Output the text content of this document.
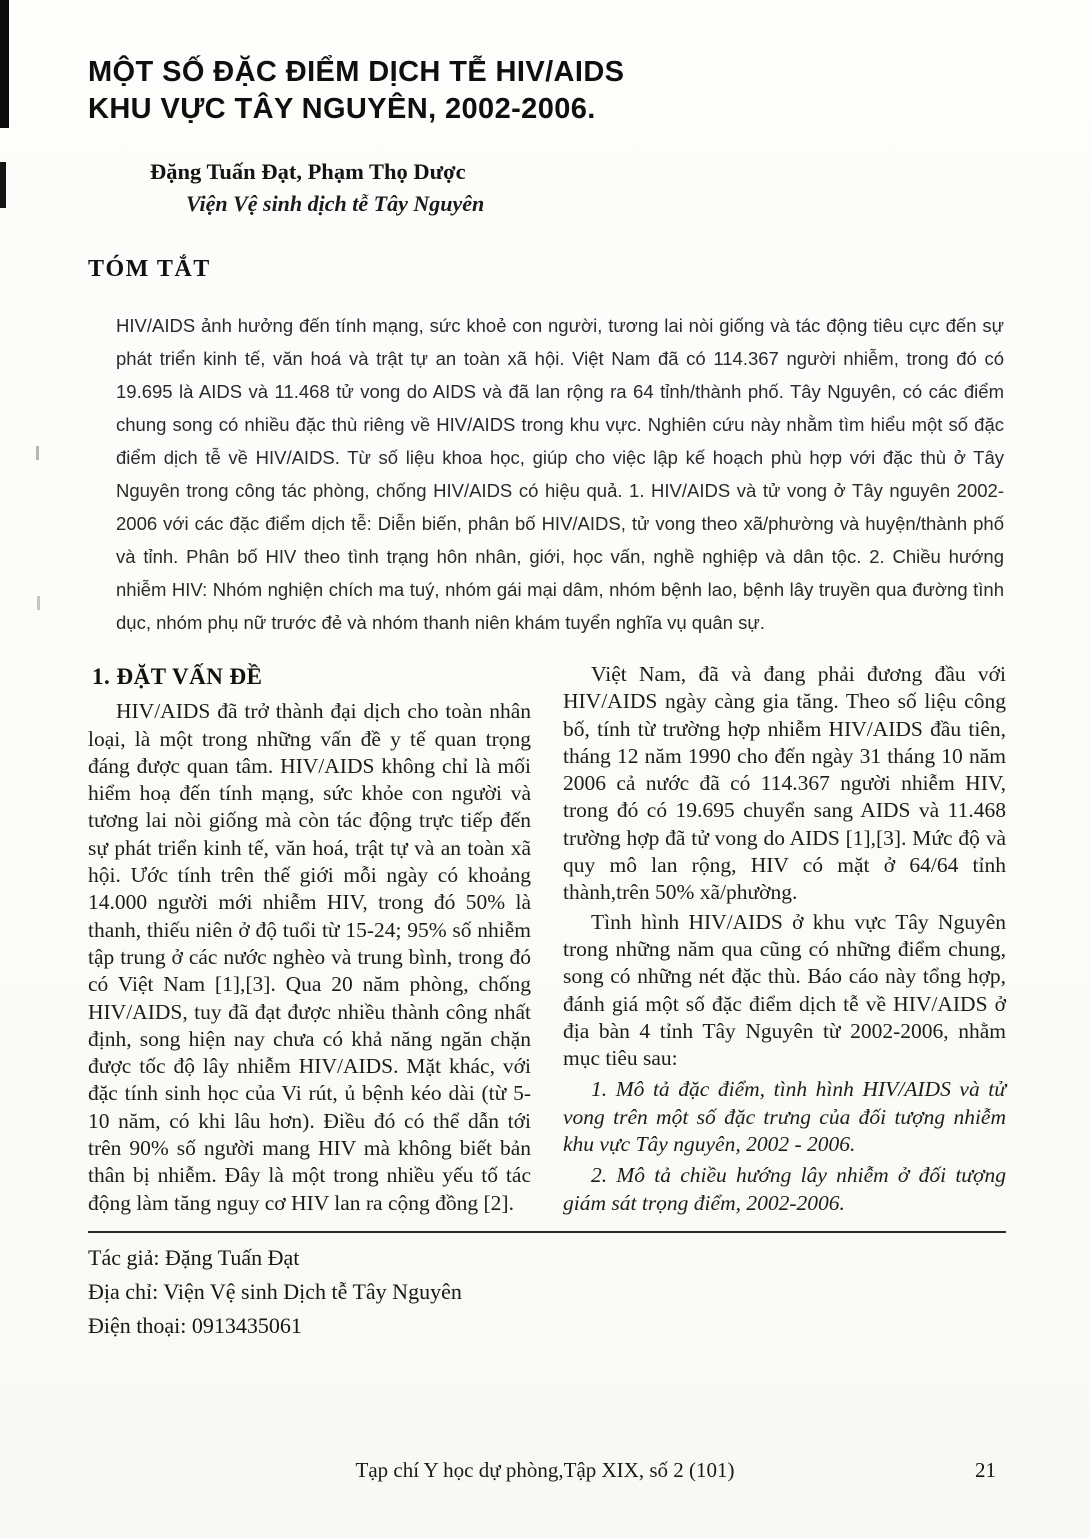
MỘT SỐ ĐẶC ĐIỂM DỊCH TỄ HIV/AIDS
KHU VỰC TÂY NGUYÊN, 2002-2006.
Đặng Tuấn Đạt, Phạm Thọ Dược
Viện Vệ sinh dịch tễ Tây Nguyên
TÓM TẮT

HIV/AIDS ảnh hưởng đến tính mạng, sức khoẻ con người, tương lai nòi giống và tác động tiêu cực đến sự phát triển kinh tế, văn hoá và trật tự an toàn xã hội. Việt Nam đã có 114.367 người nhiễm, trong đó có 19.695 là AIDS và 11.468 tử vong do AIDS và đã lan rộng ra 64 tỉnh/thành phố. Tây Nguyên, có các điểm chung song có nhiều đặc thù riêng về HIV/AIDS trong khu vực. Nghiên cứu này nhằm tìm hiểu một số đặc điểm dịch tễ về HIV/AIDS. Từ số liệu khoa học, giúp cho việc lập kế hoạch phù hợp với đặc thù ở Tây Nguyên trong công tác phòng, chống HIV/AIDS có hiệu quả. 1. HIV/AIDS và tử vong ở Tây nguyên 2002-2006 với các đặc điểm dịch tễ: Diễn biến, phân bố HIV/AIDS, tử vong theo xã/phường và huyện/thành phố và tỉnh. Phân bố HIV theo tình trạng hôn nhân, giới, học vấn, nghề nghiệp và dân tộc. 2. Chiều hướng nhiễm HIV: Nhóm nghiện chích ma tuý, nhóm gái mại dâm, nhóm bệnh lao, bệnh lây truyền qua đường tình dục, nhóm phụ nữ trước đẻ và nhóm thanh niên khám tuyển nghĩa vụ quân sự.

1. ĐẶT VẤN ĐỀ

HIV/AIDS đã trở thành đại dịch cho toàn nhân loại, là một trong những vấn đề y tế quan trọng đáng được quan tâm. HIV/AIDS không chỉ là mối hiểm hoạ đến tính mạng, sức khỏe con người và tương lai nòi giống mà còn tác động trực tiếp đến sự phát triển kinh tế, văn hoá, trật tự và an toàn xã hội. Ước tính trên thế giới mỗi ngày có khoảng 14.000 người mới nhiễm HIV, trong đó 50% là thanh, thiếu niên ở độ tuổi từ 15-24; 95% số nhiễm tập trung ở các nước nghèo và trung bình, trong đó có Việt Nam [1],[3]. Qua 20 năm phòng, chống HIV/AIDS, tuy đã đạt được nhiều thành công nhất định, song hiện nay chưa có khả năng ngăn chặn được tốc độ lây nhiễm HIV/AIDS. Mặt khác, với đặc tính sinh học của Vi rút, ủ bệnh kéo dài (từ 5-10 năm, có khi lâu hơn). Điều đó có thể dẫn tới trên 90% số người mang HIV mà không biết bản thân bị nhiễm. Đây là một trong nhiều yếu tố tác động làm tăng nguy cơ HIV lan ra cộng đồng [2].

Việt Nam, đã và đang phải đương đầu với HIV/AIDS ngày càng gia tăng. Theo số liệu công bố, tính từ trường hợp nhiễm HIV/AIDS đầu tiên, tháng 12 năm 1990 cho đến ngày 31 tháng 10 năm 2006 cả nước đã có 114.367 người nhiễm HIV, trong đó có 19.695 chuyển sang AIDS và 11.468 trường hợp đã tử vong do AIDS [1],[3]. Mức độ và quy mô lan rộng, HIV có mặt ở 64/64 tỉnh thành,trên 50% xã/phường.

Tình hình HIV/AIDS ở khu vực Tây Nguyên trong những năm qua cũng có những điểm chung, song có những nét đặc thù. Báo cáo này tổng hợp, đánh giá một số đặc điểm dịch tễ về HIV/AIDS ở địa bàn 4 tỉnh Tây Nguyên từ 2002-2006, nhằm mục tiêu sau:

1. Mô tả đặc điểm, tình hình HIV/AIDS và tử vong trên một số đặc trưng của đối tượng nhiễm khu vực Tây nguyên, 2002 - 2006.

2. Mô tả chiều hướng lây nhiễm ở đối tượng giám sát trọng điểm, 2002-2006.

Tác giả: Đặng Tuấn Đạt
Địa chỉ: Viện Vệ sinh Dịch tễ Tây Nguyên
Điện thoại: 0913435061
Tạp chí Y học dự phòng,Tập XIX, số 2 (101)	21
